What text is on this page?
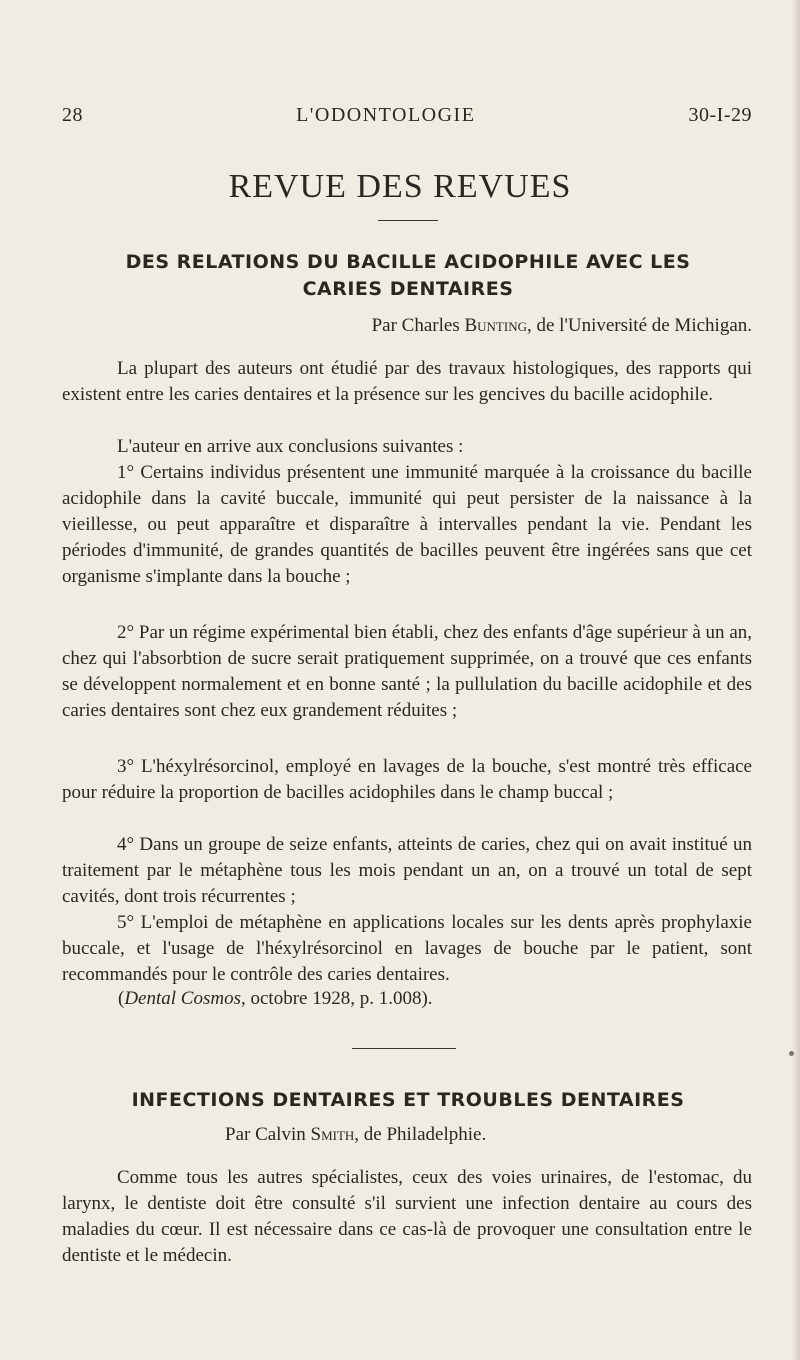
28	L'ODONTOLOGIE	30-I-29
REVUE DES REVUES
DES RELATIONS DU BACILLE ACIDOPHILE AVEC LES
CARIES DENTAIRES
Par Charles Bunting, de l'Université de Michigan.
La plupart des auteurs ont étudié par des travaux histologiques, des rapports qui existent entre les caries dentaires et la présence sur les gencives du bacille acidophile.
L'auteur en arrive aux conclusions suivantes :
1° Certains individus présentent une immunité marquée à la croissance du bacille acidophile dans la cavité buccale, immunité qui peut persister de la naissance à la vieillesse, ou peut apparaître et disparaître à intervalles pendant la vie. Pendant les périodes d'immunité, de grandes quantités de bacilles peuvent être ingérées sans que cet organisme s'implante dans la bouche ;
2° Par un régime expérimental bien établi, chez des enfants d'âge supérieur à un an, chez qui l'absorbtion de sucre serait pratiquement supprimée, on a trouvé que ces enfants se développent normalement et en bonne santé ; la pullulation du bacille acidophile et des caries dentaires sont chez eux grandement réduites ;
3° L'héxylrésorcinol, employé en lavages de la bouche, s'est montré très efficace pour réduire la proportion de bacilles acidophiles dans le champ buccal ;
4° Dans un groupe de seize enfants, atteints de caries, chez qui on avait institué un traitement par le métaphène tous les mois pendant un an, on a trouvé un total de sept cavités, dont trois récurrentes ;
5° L'emploi de métaphène en applications locales sur les dents après prophylaxie buccale, et l'usage de l'héxylrésorcinol en lavages de bouche par le patient, sont recommandés pour le contrôle des caries dentaires.
(Dental Cosmos, octobre 1928, p. 1.008).
INFECTIONS DENTAIRES ET TROUBLES DENTAIRES
Par Calvin Smith, de Philadelphie.
Comme tous les autres spécialistes, ceux des voies urinaires, de l'estomac, du larynx, le dentiste doit être consulté s'il survient une infection dentaire au cours des maladies du cœur. Il est nécessaire dans ce cas-là de provoquer une consultation entre le dentiste et le médecin.
